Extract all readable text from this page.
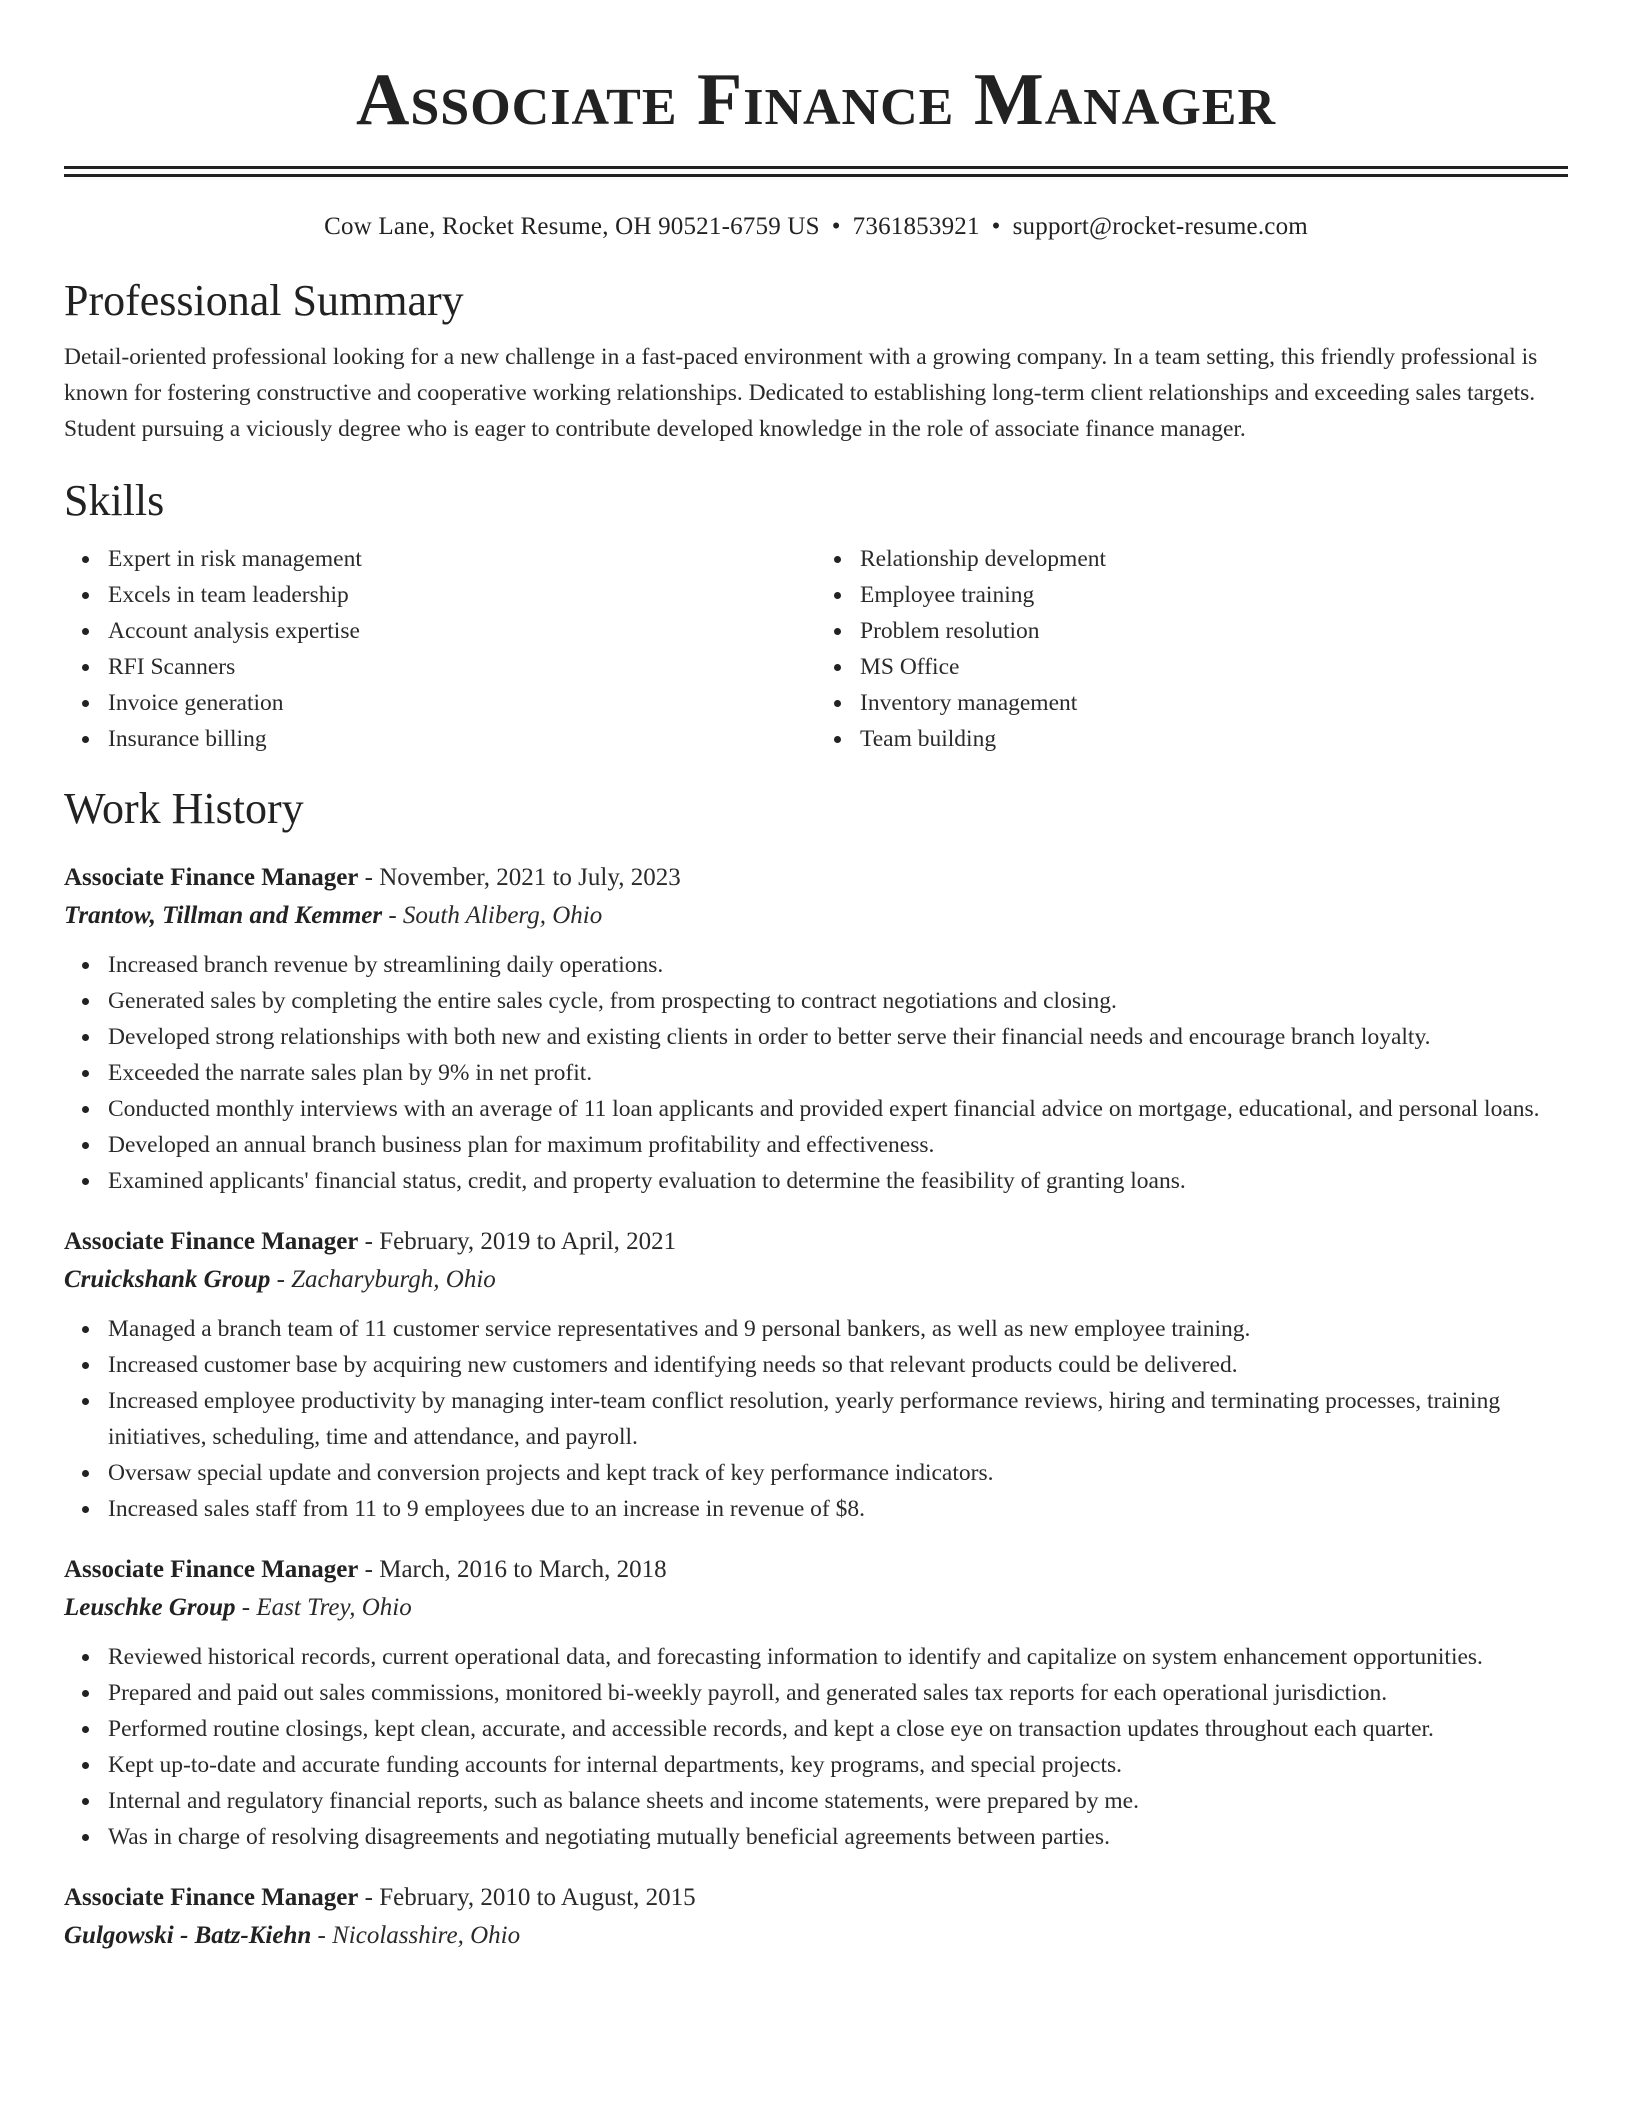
Associate Finance Manager
Cow Lane, Rocket Resume, OH 90521-6759 US • 7361853921 • support@rocket-resume.com
Professional Summary

Detail-oriented professional looking for a new challenge in a fast-paced environment with a growing company. In a team setting, this friendly professional is known for fostering constructive and cooperative working relationships. Dedicated to establishing long-term client relationships and exceeding sales targets. Student pursuing a viciously degree who is eager to contribute developed knowledge in the role of associate finance manager.

Skills
Expert in risk management
Excels in team leadership
Account analysis expertise
RFI Scanners
Invoice generation
Insurance billing
Relationship development
Employee training
Problem resolution
MS Office
Inventory management
Team building
Work History
Associate Finance Manager - November, 2021 to July, 2023
Trantow, Tillman and Kemmer - South Aliberg, Ohio
Increased branch revenue by streamlining daily operations.
Generated sales by completing the entire sales cycle, from prospecting to contract negotiations and closing.
Developed strong relationships with both new and existing clients in order to better serve their financial needs and encourage branch loyalty.
Exceeded the narrate sales plan by 9% in net profit.
Conducted monthly interviews with an average of 11 loan applicants and provided expert financial advice on mortgage, educational, and personal loans.
Developed an annual branch business plan for maximum profitability and effectiveness.
Examined applicants' financial status, credit, and property evaluation to determine the feasibility of granting loans.
Associate Finance Manager - February, 2019 to April, 2021
Cruickshank Group - Zacharyburgh, Ohio
Managed a branch team of 11 customer service representatives and 9 personal bankers, as well as new employee training.
Increased customer base by acquiring new customers and identifying needs so that relevant products could be delivered.
Increased employee productivity by managing inter-team conflict resolution, yearly performance reviews, hiring and terminating processes, training initiatives, scheduling, time and attendance, and payroll.
Oversaw special update and conversion projects and kept track of key performance indicators.
Increased sales staff from 11 to 9 employees due to an increase in revenue of $8.
Associate Finance Manager - March, 2016 to March, 2018
Leuschke Group - East Trey, Ohio
Reviewed historical records, current operational data, and forecasting information to identify and capitalize on system enhancement opportunities.
Prepared and paid out sales commissions, monitored bi-weekly payroll, and generated sales tax reports for each operational jurisdiction.
Performed routine closings, kept clean, accurate, and accessible records, and kept a close eye on transaction updates throughout each quarter.
Kept up-to-date and accurate funding accounts for internal departments, key programs, and special projects.
Internal and regulatory financial reports, such as balance sheets and income statements, were prepared by me.
Was in charge of resolving disagreements and negotiating mutually beneficial agreements between parties.
Associate Finance Manager - February, 2010 to August, 2015
Gulgowski - Batz-Kiehn - Nicolasshire, Ohio
